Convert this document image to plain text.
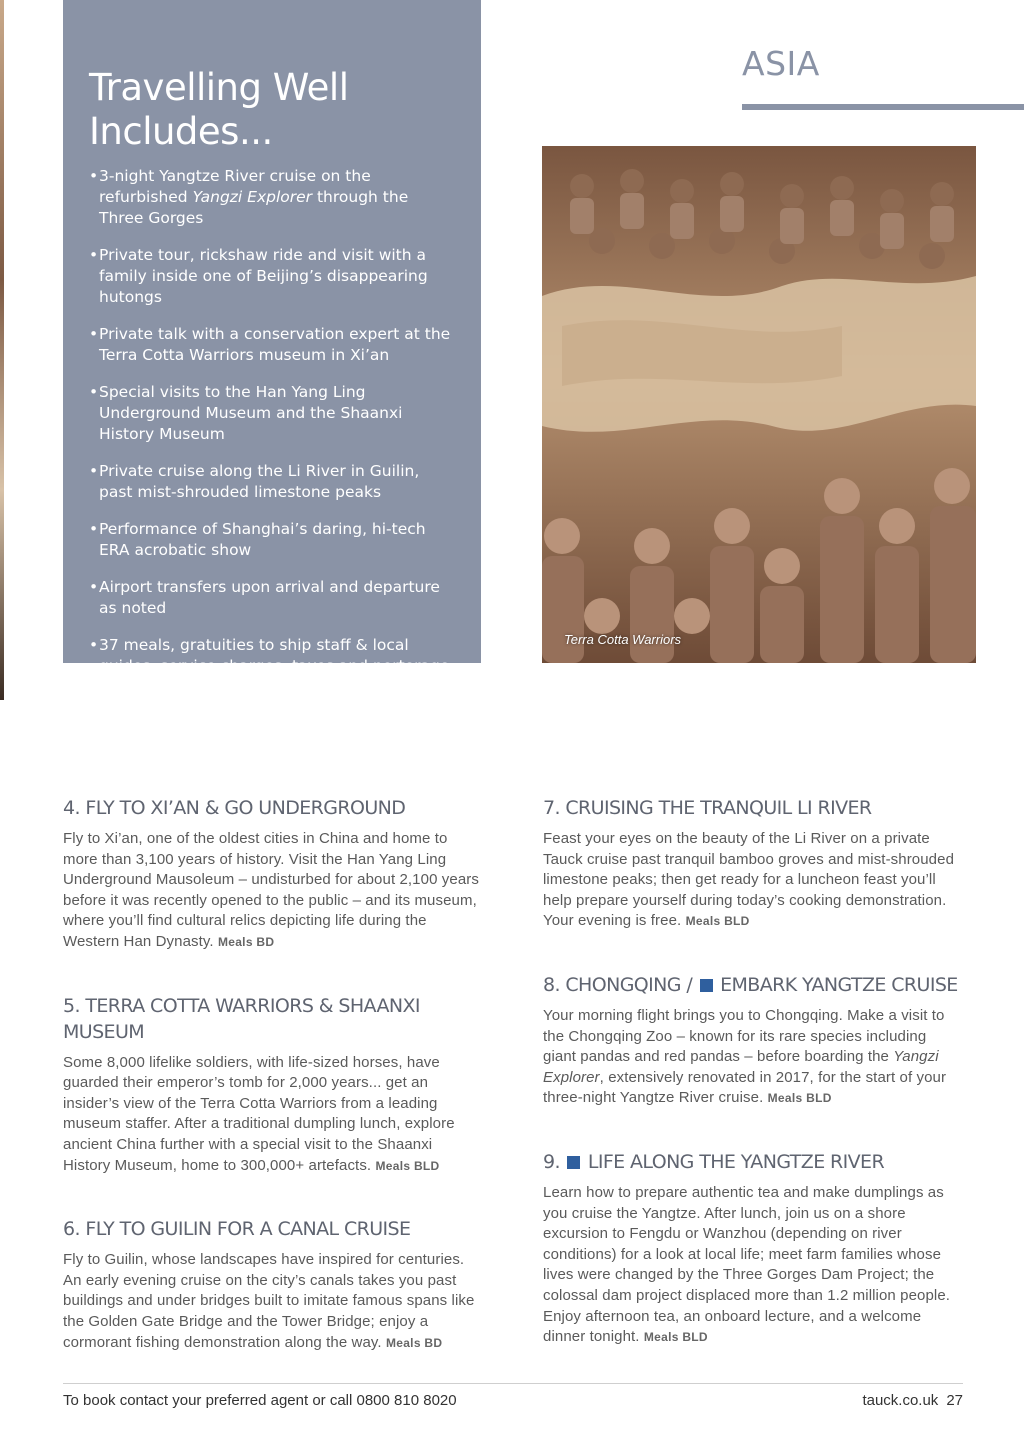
Travelling Well
Includes...
• 3-night Yangtze River cruise on the refurbished Yangzi Explorer through the Three Gorges
• Private tour, rickshaw ride and visit with a family inside one of Beijing’s disappearing hutongs
• Private talk with a conservation expert at the Terra Cotta Warriors museum in Xi’an
• Special visits to the Han Yang Ling Underground Museum and the Shaanxi History Museum
• Private cruise along the Li River in Guilin, past mist-shrouded limestone peaks
• Performance of Shanghai’s daring, hi-tech ERA acrobatic show
• Airport transfers upon arrival and departure as noted
• 37 meals, gratuities to ship staff & local guides, service charges, taxes and porterage
ASIA
Terra Cotta Warriors
4. FLY TO XI’AN & GO UNDERGROUND

Fly to Xi’an, one of the oldest cities in China and home to more than 3,100 years of history. Visit the Han Yang Ling Underground Mausoleum – undisturbed for about 2,100 years before it was recently opened to the public – and its museum, where you’ll find cultural relics depicting life during the Western Han Dynasty. Meals BD

5. TERRA COTTA WARRIORS & SHAANXI MUSEUM

Some 8,000 lifelike soldiers, with life-sized horses, have guarded their emperor’s tomb for 2,000 years... get an insider’s view of the Terra Cotta Warriors from a leading museum staffer. After a traditional dumpling lunch, explore ancient China further with a special visit to the Shaanxi History Museum, home to 300,000+ artefacts. Meals BLD

6. FLY TO GUILIN FOR A CANAL CRUISE

Fly to Guilin, whose landscapes have inspired for centuries. An early evening cruise on the city’s canals takes you past buildings and under bridges built to imitate famous spans like the Golden Gate Bridge and the Tower Bridge; enjoy a cormorant fishing demonstration along the way. Meals BD

7. CRUISING THE TRANQUIL LI RIVER

Feast your eyes on the beauty of the Li River on a private Tauck cruise past tranquil bamboo groves and mist-shrouded limestone peaks; then get ready for a luncheon feast you’ll help prepare yourself during today’s cooking demonstration. Your evening is free. Meals BLD

8. CHONGQING / EMBARK YANGTZE CRUISE

Your morning flight brings you to Chongqing. Make a visit to the Chongqing Zoo – known for its rare species including giant pandas and red pandas – before boarding the Yangzi Explorer, extensively renovated in 2017, for the start of your three-night Yangtze River cruise. Meals BLD

9. LIFE ALONG THE YANGTZE RIVER

Learn how to prepare authentic tea and make dumplings as you cruise the Yangtze. After lunch, join us on a shore excursion to Fengdu or Wanzhou (depending on river conditions) for a look at local life; meet farm families whose lives were changed by the Three Gorges Dam Project; the colossal dam project displaced more than 1.2 million people. Enjoy afternoon tea, an onboard lecture, and a welcome dinner tonight. Meals BLD

To book contact your preferred agent or call 0800 810 8020	tauck.co.uk 27
